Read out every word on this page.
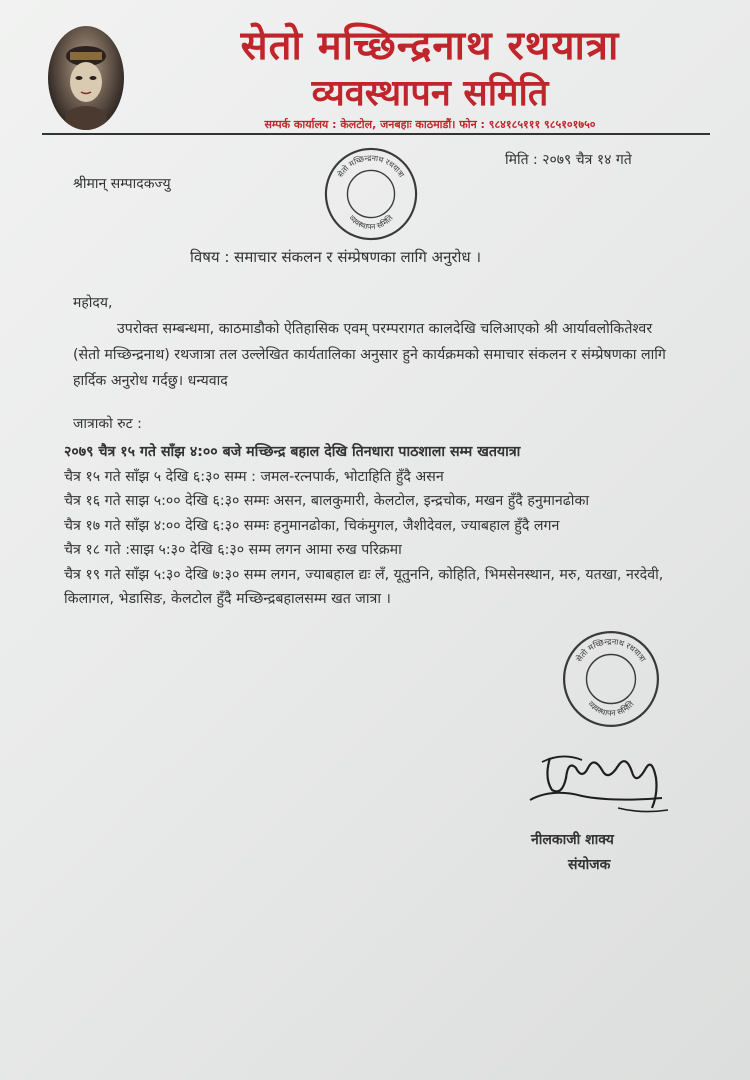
सेतो मच्छिन्द्रनाथ रथयात्रा
व्यवस्थापन समिति
सम्पर्क कार्यालय : केलटोल, जनबहाः काठमाडौं। फोन : ९८४१८५१११ ९८५१०१७५०
मिति : २०७९ चैत्र १४ गते
श्रीमान् सम्पादकज्यु
सेतो मच्छिन्द्रनाथ रथयात्रा
व्यवस्थापन समिति
विषय : समाचार संकलन र संम्प्रेषणका लागि अनुरोध ।
महोदय,
उपरोक्त सम्बन्धमा, काठमाडौको ऐतिहासिक एवम् परम्परागत कालदेखि चलिआएको श्री आर्यावलोकितेश्वर (सेतो मच्छिन्द्रनाथ) रथजात्रा तल उल्लेखित कार्यतालिका अनुसार हुने कार्यक्रमको समाचार संकलन र संम्प्रेषणका लागि हार्दिक अनुरोध गर्दछु। धन्यवाद
जात्राको रुट :
२०७९ चैत्र १५ गते साँझ ४:०० बजे मच्छिन्द्र बहाल देखि तिनधारा पाठशाला सम्म खतयात्रा
चैत्र १५ गते साँझ ५ देखि ६:३० सम्म : जमल-रत्नपार्क, भोटाहिति हुँदै असन
चैत्र १६ गते साझ ५:०० देखि ६:३० सम्मः असन, बालकुमारी, केलटोल, इन्द्रचोक, मखन हुँदै हनुमानढोका
चैत्र १७ गते साँझ ४:०० देखि ६:३० सम्मः हनुमानढोका, चिकंमुगल, जैशीदेवल, ज्याबहाल हुँदै लगन
चैत्र १८ गते :साझ ५:३० देखि ६:३० सम्म लगन आमा रुख परिक्रमा
चैत्र १९ गते साँझ ५:३० देखि ७:३० सम्म लगन, ज्याबहाल द्यः लँ, यूतुननि, कोहिति, भिमसेनस्थान, मरु, यतखा, नरदेवी, किलागल, भेडासिङ, केलटोल हुँदै मच्छिन्द्रबहालसम्म खत जात्रा ।
सेतो मच्छिन्द्रनाथ रथयात्रा
व्यवस्थापन समिति
नीलकाजी शाक्य
संयोजक
